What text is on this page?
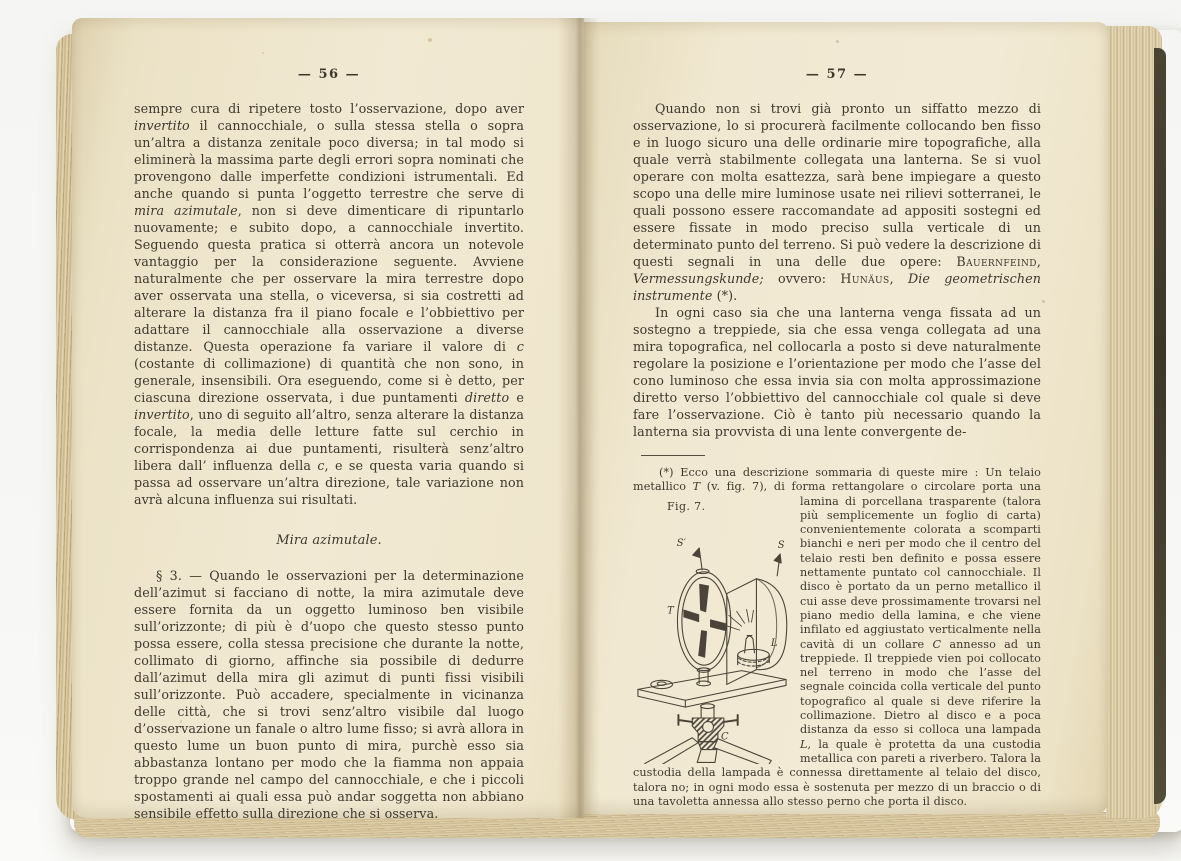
— 56 —

sempre cura di ripetere tosto l’osservazione, dopo aver invertito il cannocchiale, o sulla stessa stella o sopra un’altra a distanza zenitale poco diversa; in tal modo si eliminerà la massima parte degli errori sopra nominati che provengono dalle imperfette condizioni istrumentali. Ed anche quando si punta l’oggetto terrestre che serve di mira azimutale, non si deve dimenticare di ripuntarlo nuovamente; e subito dopo, a cannocchiale invertito. Seguendo questa pratica si otterrà ancora un notevole vantaggio per la considerazione seguente. Avviene naturalmente che per osservare la mira terrestre dopo aver osservata una stella, o viceversa, si sia costretti ad alterare la distanza fra il piano focale e l’obbiettivo per adattare il cannocchiale alla osservazione a diverse distanze. Questa operazione fa variare il valore di c (costante di collimazione) di quantità che non sono, in generale, insensibili. Ora eseguendo, come si è detto, per ciascuna direzione osservata, i due puntamenti diretto e invertito, uno di seguito all’altro, senza alterare la distanza focale, la media delle letture fatte sul cerchio in corrispondenza ai due puntamenti, risulterà senz’altro libera dall’ influenza della c, e se questa varia quando si passa ad osservare un’altra direzione, tale variazione non avrà alcuna influenza sui risultati.

Mira azimutale.

§ 3. — Quando le osservazioni per la determinazione dell’azimut si facciano di notte, la mira azimutale deve essere fornita da un oggetto luminoso ben visibile sull’orizzonte; di più è d’uopo che questo stesso punto possa essere, colla stessa precisione che durante la notte, collimato di giorno, affinche sia possibile di dedurre dall’azimut della mira gli azimut di punti fissi visibili sull’orizzonte. Può accadere, specialmente in vicinanza delle città, che si trovi senz’altro visibile dal luogo d’osservazione un fanale o altro lume fisso; si avrà allora in questo lume un buon punto di mira, purchè esso sia abbastanza lontano per modo che la fiamma non appaia troppo grande nel campo del cannocchiale, e che i piccoli spostamenti ai quali essa può andar soggetta non abbiano sensibile effetto sulla direzione che si osserva.

— 57 —

Quando non si trovi già pronto un siffatto mezzo di osservazione, lo si procurerà facilmente collocando ben fisso e in luogo sicuro una delle ordinarie mire topografiche, alla quale verrà stabilmente collegata una lanterna. Se si vuol operare con molta esattezza, sarà bene impiegare a questo scopo una delle mire luminose usate nei rilievi sotterranei, le quali possono essere raccomandate ad appositi sostegni ed essere fissate in modo preciso sulla verticale di un determinato punto del terreno. Si può vedere la descrizione di questi segnali in una delle due opere: Bauernfeind, Vermessungskunde; ovvero: Hunäus, Die geometrischen instrumente (*).

In ogni caso sia che una lanterna venga fissata ad un sostegno a treppiede, sia che essa venga collegata ad una mira topografica, nel collocarla a posto si deve naturalmente regolare la posizione e l’orientazione per modo che l’asse del cono luminoso che essa invia sia con molta approssimazione diretto verso l’obbiettivo del cannocchiale col quale si deve fare l’osservazione. Ciò è tanto più necessario quando la lanterna sia provvista di una lente convergente de-

(*) Ecco una descrizione sommaria di queste mire : Un telaio metallico T (v. fig. 7), di forma rettangolare o circolare porta una lamina di porcellana
Fig. 7.
S′	S
T
L
C
trasparente (talora più semplicemente un foglio di carta) convenientemente colorata a scomparti bianchi e neri per modo che il centro del telaio resti ben definito e possa essere nettamente puntato col cannocchiale. Il disco è portato da un perno metallico il cui asse deve prossimamente trovarsi nel piano medio della lamina, e che viene infilato ed aggiustato verticalmente nella cavità di un collare C annesso ad un treppiede. Il treppiede vien poi collocato nel terreno in modo che l’asse del segnale coincida colla verticale del punto topografico al quale si deve riferire la collimazione. Dietro al disco e a poca distanza da esso si colloca una lampada L, la quale è protetta da una custodia metallica con pareti a riverbero. Talora la custodia della lampada è connessa direttamente al telaio del disco, talora no; in ogni modo essa è sostenuta per mezzo di un braccio o di una tavoletta annessa allo stesso perno che porta il disco.
